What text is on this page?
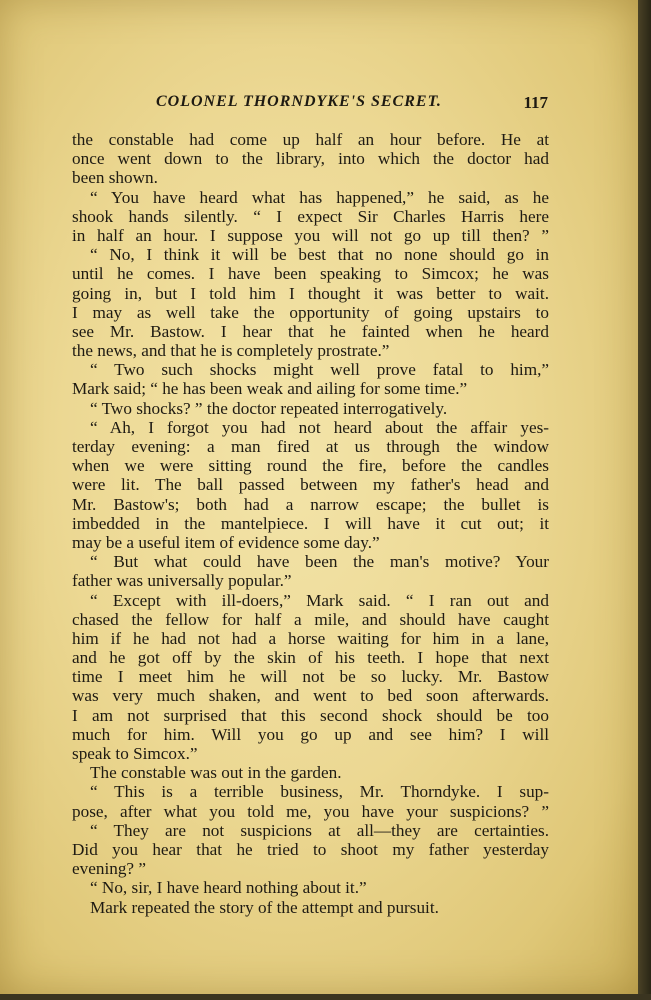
COLONEL THORNDYKE'S SECRET.	117
the constable had come up half an hour before. He at
once went down to the library, into which the doctor had
been shown.
“ You have heard what has happened,” he said, as he
shook hands silently. “ I expect Sir Charles Harris here
in half an hour. I suppose you will not go up till then? ”
“ No, I think it will be best that no none should go in
until he comes. I have been speaking to Simcox; he was
going in, but I told him I thought it was better to wait.
I may as well take the opportunity of going upstairs to
see Mr. Bastow. I hear that he fainted when he heard
the news, and that he is completely prostrate.”
“ Two such shocks might well prove fatal to him,”
Mark said; “ he has been weak and ailing for some time.”
“ Two shocks? ” the doctor repeated interrogatively.
“ Ah, I forgot you had not heard about the affair yes-
terday evening: a man fired at us through the window
when we were sitting round the fire, before the candles
were lit. The ball passed between my father's head and
Mr. Bastow's; both had a narrow escape; the bullet is
imbedded in the mantelpiece. I will have it cut out; it
may be a useful item of evidence some day.”
“ But what could have been the man's motive? Your
father was universally popular.”
“ Except with ill-doers,” Mark said. “ I ran out and
chased the fellow for half a mile, and should have caught
him if he had not had a horse waiting for him in a lane,
and he got off by the skin of his teeth. I hope that next
time I meet him he will not be so lucky. Mr. Bastow
was very much shaken, and went to bed soon afterwards.
I am not surprised that this second shock should be too
much for him. Will you go up and see him? I will
speak to Simcox.”
The constable was out in the garden.
“ This is a terrible business, Mr. Thorndyke. I sup-
pose, after what you told me, you have your suspicions? ”
“ They are not suspicions at all—they are certainties.
Did you hear that he tried to shoot my father yesterday
evening? ”
“ No, sir, I have heard nothing about it.”
Mark repeated the story of the attempt and pursuit.
